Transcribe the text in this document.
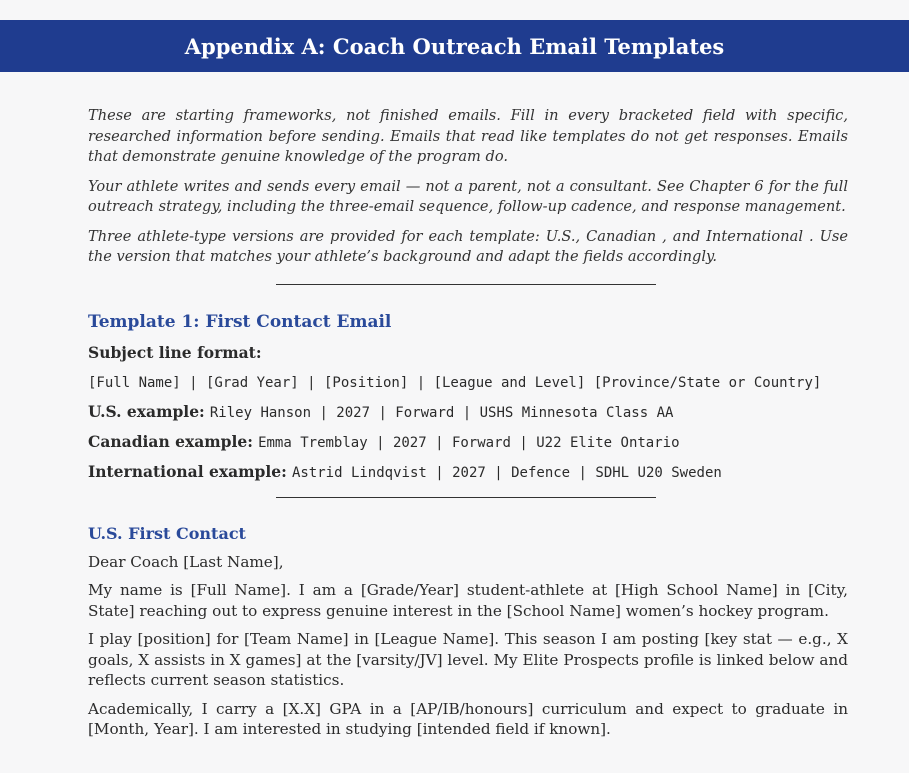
Appendix A: Coach Outreach Email Templates

These are starting frameworks, not finished emails. Fill in every bracketed field with specific, researched information before sending. Emails that read like templates do not get responses. Emails that demonstrate genuine knowledge of the program do.

Your athlete writes and sends every email — not a parent, not a consultant. See Chapter 6 for the full outreach strategy, including the three-email sequence, follow-up cadence, and response management.

Three athlete-type versions are provided for each template: U.S., Canadian , and International . Use the version that matches your athlete’s background and adapt the fields accordingly.

Template 1: First Contact Email
Subject line format:
[Full Name] | [Grad Year] | [Position] | [League and Level] [Province/State or Country]
U.S. example: Riley Hanson | 2027 | Forward | USHS Minnesota Class AA
Canadian example: Emma Tremblay | 2027 | Forward | U22 Elite Ontario
International example: Astrid Lindqvist | 2027 | Defence | SDHL U20 Sweden
U.S. First Contact

Dear Coach [Last Name],

My name is [Full Name]. I am a [Grade/Year] student-athlete at [High School Name] in [City, State] reaching out to express genuine interest in the [School Name] women’s hockey program.

I play [position] for [Team Name] in [League Name]. This season I am posting [key stat — e.g., X goals, X assists in X games] at the [varsity/JV] level. My Elite Prospects profile is linked below and reflects current season statistics.

Academically, I carry a [X.X] GPA in a [AP/IB/honours] curriculum and expect to graduate in [Month, Year]. I am interested in studying [intended field if known].
